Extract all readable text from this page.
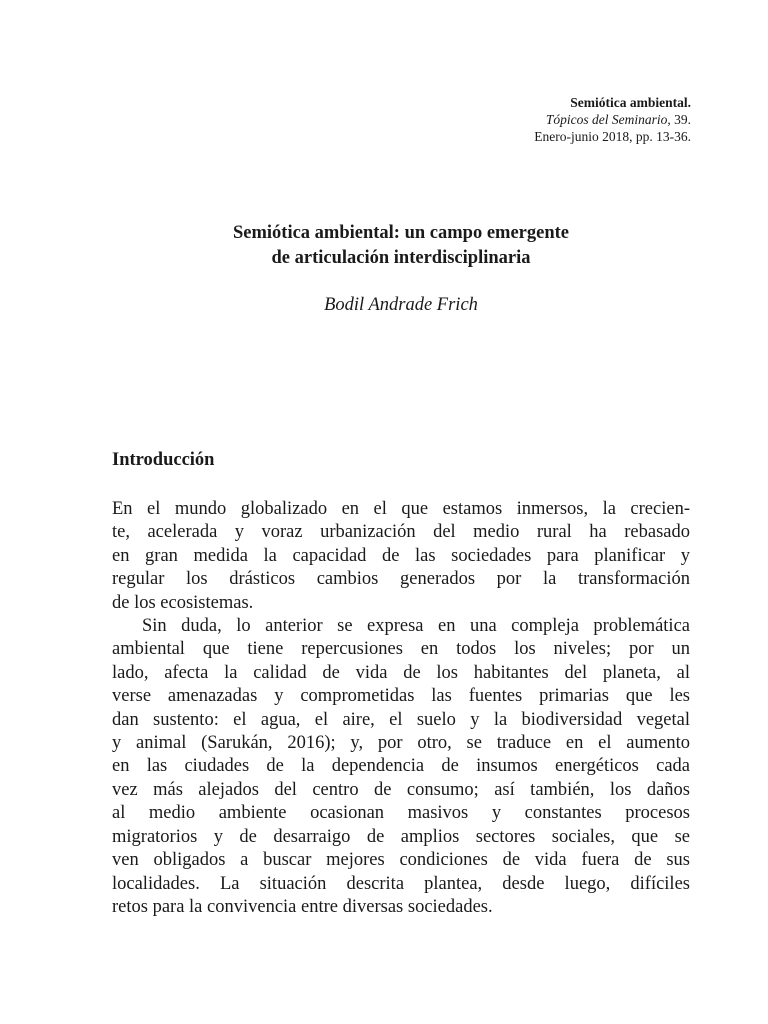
Semiótica ambiental.
Tópicos del Seminario, 39.
Enero-junio 2018, pp. 13-36.
Semiótica ambiental: un campo emergente
de articulación interdisciplinaria
Bodil Andrade Frich
Introducción
En el mundo globalizado en el que estamos inmersos, la crecien-
te, acelerada y voraz urbanización del medio rural ha rebasado
en gran medida la capacidad de las sociedades para planificar y
regular los drásticos cambios generados por la transformación
de los ecosistemas.
Sin duda, lo anterior se expresa en una compleja problemática
ambiental que tiene repercusiones en todos los niveles; por un
lado, afecta la calidad de vida de los habitantes del planeta, al
verse amenazadas y comprometidas las fuentes primarias que les
dan sustento: el agua, el aire, el suelo y la biodiversidad vegetal
y animal (Sarukán, 2016); y, por otro, se traduce en el aumento
en las ciudades de la dependencia de insumos energéticos cada
vez más alejados del centro de consumo; así también, los daños
al medio ambiente ocasionan masivos y constantes procesos
migratorios y de desarraigo de amplios sectores sociales, que se
ven obligados a buscar mejores condiciones de vida fuera de sus
localidades. La situación descrita plantea, desde luego, difíciles
retos para la convivencia entre diversas sociedades.
